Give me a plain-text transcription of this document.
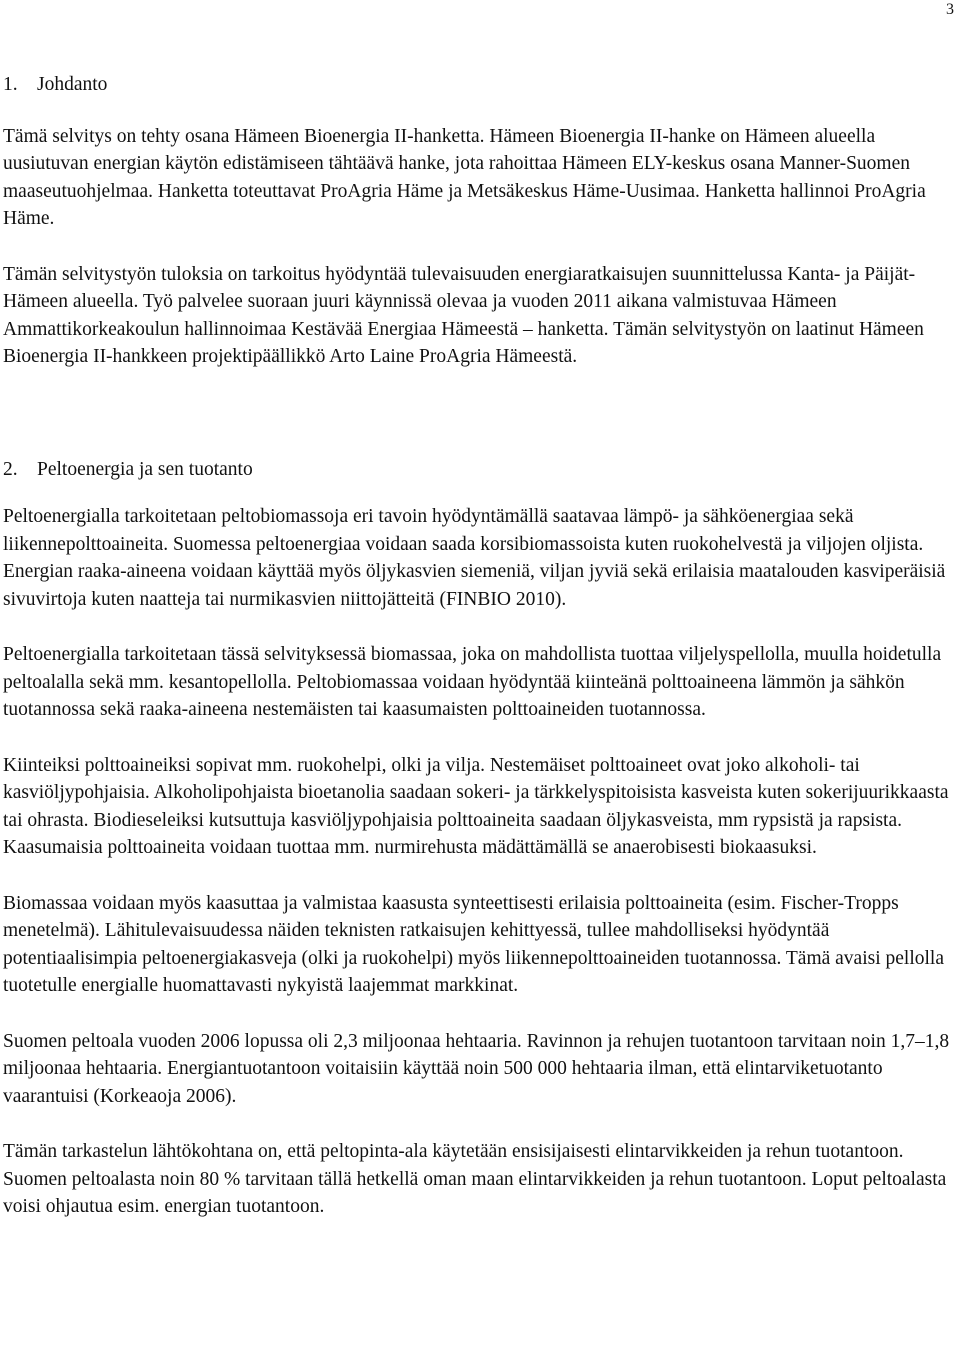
3
1. Johdanto

Tämä selvitys on tehty osana Hämeen Bioenergia II-hanketta. Hämeen Bioenergia II-hanke on Hämeen alueella uusiutuvan energian käytön edistämiseen tähtäävä hanke, jota rahoittaa Hämeen ELY-keskus osana Manner-Suomen maaseutuohjelmaa. Hanketta toteuttavat ProAgria Häme ja Metsäkeskus Häme-Uusimaa. Hanketta hallinnoi ProAgria Häme.

Tämän selvitystyön tuloksia on tarkoitus hyödyntää tulevaisuuden energiaratkaisujen suunnittelussa Kanta- ja Päijät-Hämeen alueella. Työ palvelee suoraan juuri käynnissä olevaa ja vuoden 2011 aikana valmistuvaa Hämeen Ammattikorkeakoulun hallinnoimaa Kestävää Energiaa Hämeestä – hanketta. Tämän selvitystyön on laatinut Hämeen Bioenergia II-hankkeen projektipäällikkö Arto Laine ProAgria Hämeestä.

2. Peltoenergia ja sen tuotanto

Peltoenergialla tarkoitetaan peltobiomassoja eri tavoin hyödyntämällä saatavaa lämpö- ja sähköenergiaa sekä liikennepolttoaineita. Suomessa peltoenergiaa voidaan saada korsibiomassoista kuten ruokohelvestä ja viljojen oljista. Energian raaka-aineena voidaan käyttää myös öljykasvien siemeniä, viljan jyviä sekä erilaisia maatalouden kasviperäisiä sivuvirtoja kuten naatteja tai nurmikasvien niittojätteitä (FINBIO 2010).

Peltoenergialla tarkoitetaan tässä selvityksessä biomassaa, joka on mahdollista tuottaa viljelyspellolla, muulla hoidetulla peltoalalla sekä mm. kesantopellolla. Peltobiomassaa voidaan hyödyntää kiinteänä polttoaineena lämmön ja sähkön tuotannossa sekä raaka-aineena nestemäisten tai kaasumaisten polttoaineiden tuotannossa.

Kiinteiksi polttoaineiksi sopivat mm. ruokohelpi, olki ja vilja. Nestemäiset polttoaineet ovat joko alkoholi- tai kasviöljypohjaisia. Alkoholipohjaista bioetanolia saadaan sokeri- ja tärkkelyspitoisista kasveista kuten sokerijuurikkaasta tai ohrasta. Biodieseleiksi kutsuttuja kasviöljypohjaisia polttoaineita saadaan öljykasveista, mm rypsistä ja rapsista. Kaasumaisia polttoaineita voidaan tuottaa mm. nurmirehusta mädättämällä se anaerobisesti biokaasuksi.

Biomassaa voidaan myös kaasuttaa ja valmistaa kaasusta synteettisesti erilaisia polttoaineita (esim. Fischer-Tropps menetelmä). Lähitulevaisuudessa näiden teknisten ratkaisujen kehittyessä, tullee mahdolliseksi hyödyntää potentiaalisimpia peltoenergiakasveja (olki ja ruokohelpi) myös liikennepolttoaineiden tuotannossa. Tämä avaisi pellolla tuotetulle energialle huomattavasti nykyistä laajemmat markkinat.

Suomen peltoala vuoden 2006 lopussa oli 2,3 miljoonaa hehtaaria. Ravinnon ja rehujen tuotantoon tarvitaan noin 1,7–1,8 miljoonaa hehtaaria. Energiantuotantoon voitaisiin käyttää noin 500 000 hehtaaria ilman, että elintarviketuotanto vaarantuisi (Korkeaoja 2006).

Tämän tarkastelun lähtökohtana on, että peltopinta-ala käytetään ensisijaisesti elintarvikkeiden ja rehun tuotantoon. Suomen peltoalasta noin 80 % tarvitaan tällä hetkellä oman maan elintarvikkeiden ja rehun tuotantoon. Loput peltoalasta voisi ohjautua esim. energian tuotantoon.
